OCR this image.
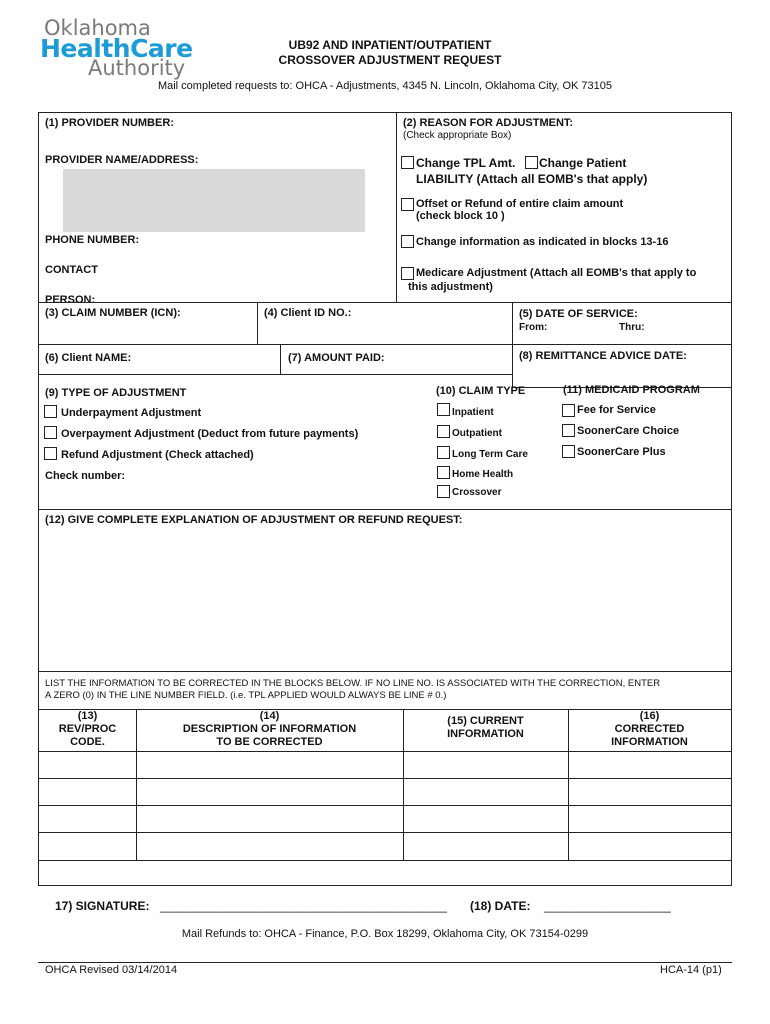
Oklahoma
HealthCare
Authority
UB92 AND INPATIENT/OUTPATIENT
CROSSOVER ADJUSTMENT REQUEST
Mail completed requests to: OHCA - Adjustments, 4345 N. Lincoln, Oklahoma City, OK 73105
(1) PROVIDER NUMBER:
PROVIDER NAME/ADDRESS:
PHONE NUMBER:
CONTACT
PERSON:
(2) REASON FOR ADJUSTMENT:
(Check appropriate Box)
Change TPL Amt. Change Patient
LIABILITY (Attach all EOMB's that apply)
Offset or Refund of entire claim amount
(check block 10 )
Change information as indicated in blocks 13-16
Medicare Adjustment (Attach all EOMB's that apply to
this adjustment)
(3) CLAIM NUMBER (ICN):	(4) Client ID NO.:	(5) DATE OF SERVICE:
From:	Thru:
(6) Client NAME:	(7) AMOUNT PAID:	(8) REMITTANCE ADVICE DATE:
(9) TYPE OF ADJUSTMENT	(10) CLAIM TYPE	(11) MEDICAID PROGRAM
Underpayment Adjustment
Overpayment Adjustment (Deduct from future payments)
Refund Adjustment (Check attached)
Check number:
Inpatient
Outpatient
Long Term Care
Home Health
Crossover
Fee for Service
SoonerCare Choice
SoonerCare Plus
(12) GIVE COMPLETE EXPLANATION OF ADJUSTMENT OR REFUND REQUEST:
LIST THE INFORMATION TO BE CORRECTED IN THE BLOCKS BELOW. IF NO LINE NO. IS ASSOCIATED WITH THE CORRECTION, ENTER
A ZERO (0) IN THE LINE NUMBER FIELD. (i.e. TPL APPLIED WOULD ALWAYS BE LINE # 0.)
(13)
REV/PROC
CODE.
(14)
DESCRIPTION OF INFORMATION
TO BE CORRECTED
(15) CURRENT
INFORMATION
(16)
CORRECTED
INFORMATION
17) SIGNATURE: ___________________________________________ (18) DATE: ___________________
Mail Refunds to: OHCA - Finance, P.O. Box 18299, Oklahoma City, OK 73154-0299
OHCA Revised 03/14/2014	HCA-14 (p1)
